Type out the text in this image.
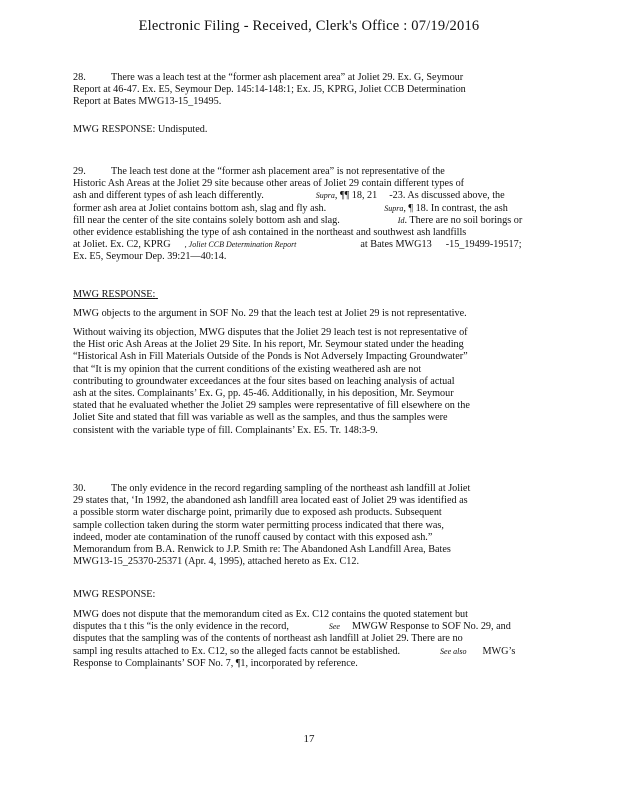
Electronic Filing - Received, Clerk's Office : 07/19/2016
28. There was a leach test at the “former ash placement area” at Joliet 29. Ex. G, Seymour
Report at 46-47. Ex. E5, Seymour Dep. 145:14-148:1; Ex. J5, KPRG, Joliet CCB Determination
Report at Bates MWG13-15_19495.
MWG RESPONSE: Undisputed.
29. The leach test done at the “former ash placement area” is not representative of the
Historic Ash Areas at the Joliet 29 site because other areas of Joliet 29 contain different types of
ash and different types of ash leach differently.	Supra, ¶¶ 18, 21 -23. As discussed above, the
former ash area at Joliet contains bottom ash, slag and fly ash.	Supra, ¶ 18. In contrast, the ash
fill near the center of the site contains solely bottom ash and slag.	Id. There are no soil borings or
other evidence establishing the type of ash contained in the northeast and southwest ash landfills
at Joliet. Ex. C2, KPRG , Joliet CCB Determination Report	at Bates MWG13 -15_19499-19517;
Ex. E5, Seymour Dep. 39:21—40:14.
MWG RESPONSE:
MWG objects to the argument in SOF No. 29 that the leach test at Joliet 29 is not representative.
Without waiving its objection, MWG disputes that the Joliet 29 leach test is not representative of
the Hist oric Ash Areas at the Joliet 29 Site. In his report, Mr. Seymour stated under the heading
“Historical Ash in Fill Materials Outside of the Ponds is Not Adversely Impacting Groundwater”
that “It is my opinion that the current conditions of the existing weathered ash are not
contributing to groundwater exceedances at the four sites based on leaching analysis of actual
ash at the sites. Complainants’ Ex. G, pp. 45-46. Additionally, in his deposition, Mr. Seymour
stated that he evaluated whether the Joliet 29 samples were representative of fill elsewhere on the
Joliet Site and stated that fill was variable as well as the samples, and thus the samples were
consistent with the variable type of fill. Complainants’ Ex. E5. Tr. 148:3-9.
30. The only evidence in the record regarding sampling of the northeast ash landfill at Joliet
29 states that, ‘In 1992, the abandoned ash landfill area located east of Joliet 29 was identified as
a possible storm water discharge point, primarily due to exposed ash products. Subsequent
sample collection taken during the storm water permitting process indicated that there was,
indeed, moder ate contamination of the runoff caused by contact with this exposed ash.”
Memorandum from B.A. Renwick to J.P. Smith re: The Abandoned Ash Landfill Area, Bates
MWG13-15_25370-25371 (Apr. 4, 1995), attached hereto as Ex. C12.
MWG RESPONSE:
MWG does not dispute that the memorandum cited as Ex. C12 contains the quoted statement but
disputes tha t this “is the only evidence in the record,	See MWGW Response to SOF No. 29, and
disputes that the sampling was of the contents of northeast ash landfill at Joliet 29. There are no
sampl ing results attached to Ex. C12, so the alleged facts cannot be established.	See also MWG’s
Response to Complainants’ SOF No. 7, ¶1, incorporated by reference.
17
